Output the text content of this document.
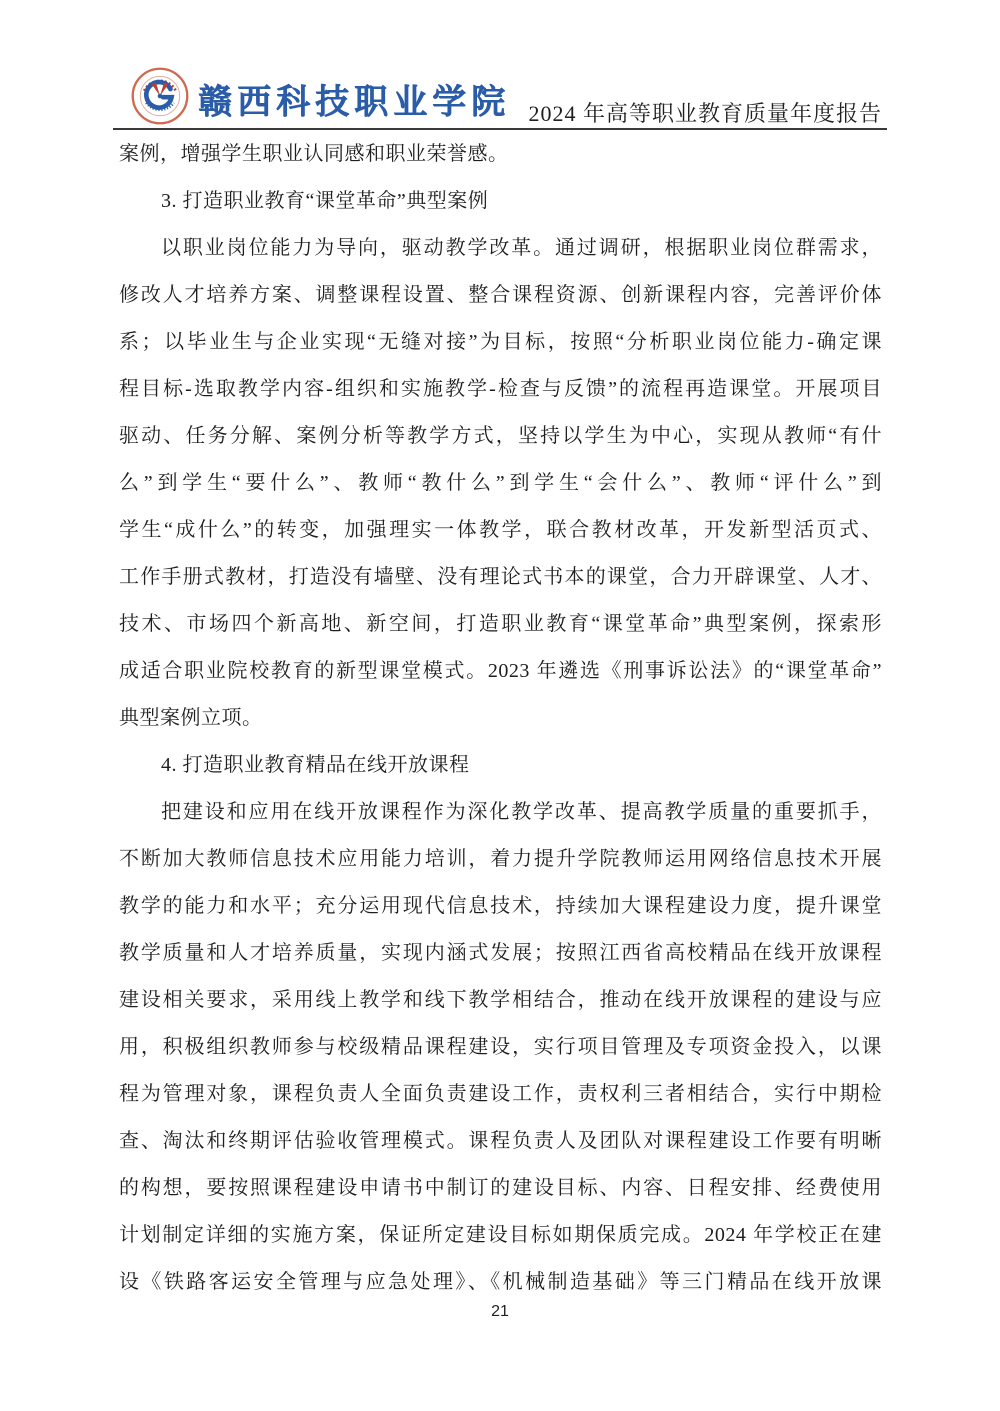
赣西科技职业学院 2024 年高等职业教育质量年度报告
案例，增强学生职业认同感和职业荣誉感。
3. 打造职业教育“课堂革命”典型案例
以职业岗位能力为导向，驱动教学改革。通过调研，根据职业岗位群需求，
修改人才培养方案、调整课程设置、整合课程资源、创新课程内容，完善评价体
系；以毕业生与企业实现“无缝对接”为目标，按照“分析职业岗位能力-确定课
程目标-选取教学内容-组织和实施教学-检查与反馈”的流程再造课堂。开展项目
驱动、任务分解、案例分析等教学方式，坚持以学生为中心，实现从教师“有什
么”到学生“要什么”、教师“教什么”到学生“会什么”、教师“评什么”到
学生“成什么”的转变，加强理实一体教学，联合教材改革，开发新型活页式、
工作手册式教材，打造没有墙壁、没有理论式书本的课堂，合力开辟课堂、人才、
技术、市场四个新高地、新空间，打造职业教育“课堂革命”典型案例，探索形
成适合职业院校教育的新型课堂模式。2023 年遴选《刑事诉讼法》的“课堂革命”
典型案例立项。
4. 打造职业教育精品在线开放课程
把建设和应用在线开放课程作为深化教学改革、提高教学质量的重要抓手，
不断加大教师信息技术应用能力培训，着力提升学院教师运用网络信息技术开展
教学的能力和水平；充分运用现代信息技术，持续加大课程建设力度，提升课堂
教学质量和人才培养质量，实现内涵式发展；按照江西省高校精品在线开放课程
建设相关要求，采用线上教学和线下教学相结合，推动在线开放课程的建设与应
用，积极组织教师参与校级精品课程建设，实行项目管理及专项资金投入，以课
程为管理对象，课程负责人全面负责建设工作，责权利三者相结合，实行中期检
查、淘汰和终期评估验收管理模式。课程负责人及团队对课程建设工作要有明晰
的构想，要按照课程建设申请书中制订的建设目标、内容、日程安排、经费使用
计划制定详细的实施方案，保证所定建设目标如期保质完成。2024 年学校正在建
设《铁路客运安全管理与应急处理》、《机械制造基础》等三门精品在线开放课
21
